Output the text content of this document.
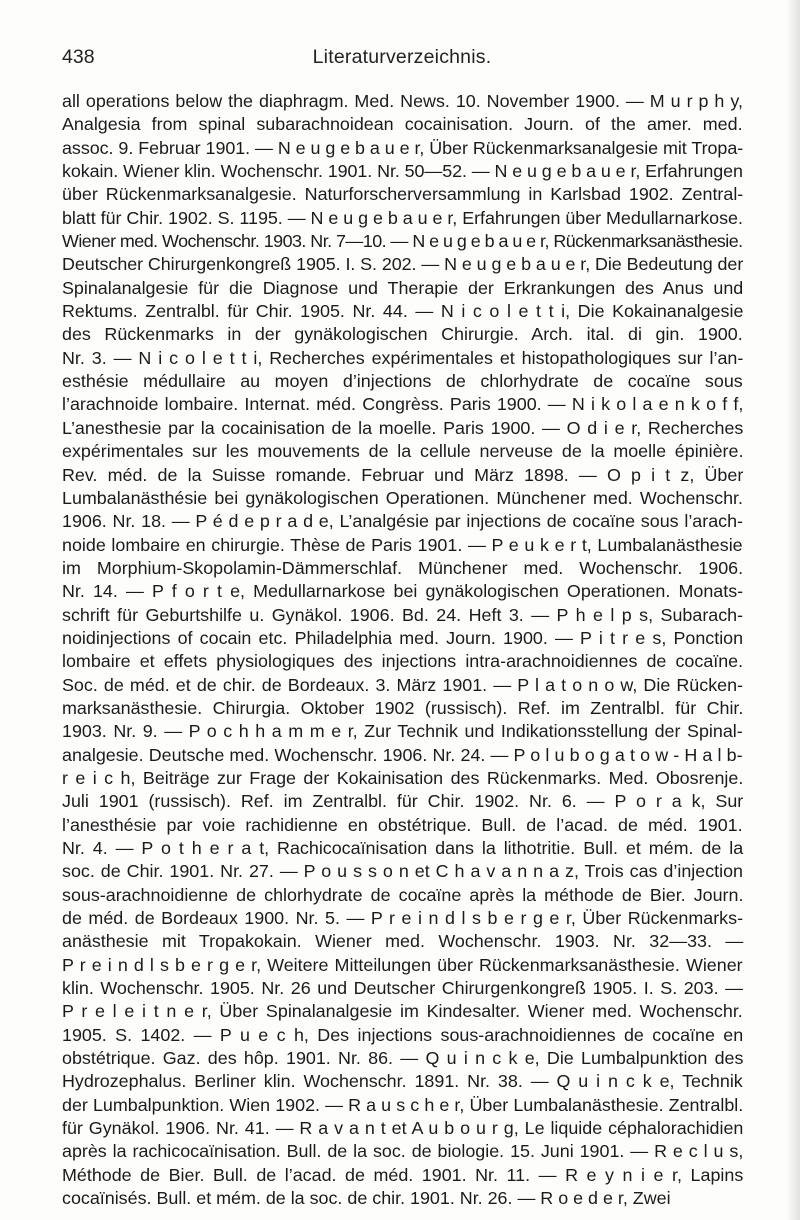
438	Literaturverzeichnis.
all operations below the diaphragm. Med. News. 10. November 1900. — M u r p h y,
Analgesia from spinal subarachnoidean cocainisation. Journ. of the amer. med.
assoc. 9. Februar 1901. — N e u g e b a u e r, Über Rückenmarksanalgesie mit Tropa-
kokain. Wiener klin. Wochenschr. 1901. Nr. 50—52. — N e u g e b a u e r, Erfahrungen
über Rückenmarksanalgesie. Naturforscherversammlung in Karlsbad 1902. Zentral-
blatt für Chir. 1902. S. 1195. — N e u g e b a u e r, Erfahrungen über Medullarnarkose.
Wiener med. Wochenschr. 1903. Nr. 7—10. — N e u g e b a u e r, Rückenmarksanästhesie.
Deutscher Chirurgenkongreß 1905. I. S. 202. — N e u g e b a u e r, Die Bedeutung der
Spinalanalgesie für die Diagnose und Therapie der Erkrankungen des Anus und
Rektums. Zentralbl. für Chir. 1905. Nr. 44. — N i c o l e t t i, Die Kokainanalgesie
des Rückenmarks in der gynäkologischen Chirurgie. Arch. ital. di gin. 1900.
Nr. 3. — N i c o l e t t i, Recherches expérimentales et histopathologiques sur l’an-
esthésie médullaire au moyen d’injections de chlorhydrate de cocaïne sous
l’arachnoide lombaire. Internat. méd. Congrèss. Paris 1900. — N i k o l a e n k o f f,
L’anesthesie par la cocainisation de la moelle. Paris 1900. — O d i e r, Recherches
expérimentales sur les mouvements de la cellule nerveuse de la moelle épinière.
Rev. méd. de la Suisse romande. Februar und März 1898. — O p i t z, Über
Lumbalanästhésie bei gynäkologischen Operationen. Münchener med. Wochenschr.
1906. Nr. 18. — P é d e p r a d e, L’analgésie par injections de cocaïne sous l’arach-
noide lombaire en chirurgie. Thèse de Paris 1901. — P e u k e r t, Lumbalanästhesie
im Morphium-Skopolamin-Dämmerschlaf. Münchener med. Wochenschr. 1906.
Nr. 14. — P f o r t e, Medullarnarkose bei gynäkologischen Operationen. Monats-
schrift für Geburtshilfe u. Gynäkol. 1906. Bd. 24. Heft 3. — P h e l p s, Subarach-
noidinjections of cocain etc. Philadelphia med. Journ. 1900. — P i t r e s, Ponction
lombaire et effets physiologiques des injections intra-arachnoidiennes de cocaïne.
Soc. de méd. et de chir. de Bordeaux. 3. März 1901. — P l a t o n o w, Die Rücken-
marksanästhesie. Chirurgia. Oktober 1902 (russisch). Ref. im Zentralbl. für Chir.
1903. Nr. 9. — P o c h h a m m e r, Zur Technik und Indikationsstellung der Spinal-
analgesie. Deutsche med. Wochenschr. 1906. Nr. 24. — P o l u b o g a t o w - H a l b-
r e i c h, Beiträge zur Frage der Kokainisation des Rückenmarks. Med. Obosrenje.
Juli 1901 (russisch). Ref. im Zentralbl. für Chir. 1902. Nr. 6. — P o r a k, Sur
l’anesthésie par voie rachidienne en obstétrique. Bull. de l’acad. de méd. 1901.
Nr. 4. — P o t h e r a t, Rachicocaïnisation dans la lithotritie. Bull. et mém. de la
soc. de Chir. 1901. Nr. 27. — P o u s s o n et C h a v a n n a z, Trois cas d’injection
sous-arachnoidienne de chlorhydrate de cocaïne après la méthode de Bier. Journ.
de méd. de Bordeaux 1900. Nr. 5. — P r e i n d l s b e r g e r, Über Rückenmarks-
anästhesie mit Tropakokain. Wiener med. Wochenschr. 1903. Nr. 32—33. —
P r e i n d l s b e r g e r, Weitere Mitteilungen über Rückenmarksanästhesie. Wiener
klin. Wochenschr. 1905. Nr. 26 und Deutscher Chirurgenkongreß 1905. I. S. 203. —
P r e l e i t n e r, Über Spinalanalgesie im Kindesalter. Wiener med. Wochenschr.
1905. S. 1402. — P u e c h, Des injections sous-arachnoidiennes de cocaïne en
obstétrique. Gaz. des hôp. 1901. Nr. 86. — Q u i n c k e, Die Lumbalpunktion des
Hydrozephalus. Berliner klin. Wochenschr. 1891. Nr. 38. — Q u i n c k e, Technik
der Lumbalpunktion. Wien 1902. — R a u s c h e r, Über Lumbalanästhesie. Zentralbl.
für Gynäkol. 1906. Nr. 41. — R a v a n t et A u b o u r g, Le liquide céphalorachidien
après la rachicocaïnisation. Bull. de la soc. de biologie. 15. Juni 1901. — R e c l u s,
Méthode de Bier. Bull. de l’acad. de méd. 1901. Nr. 11. — R e y n i e r, Lapins
cocaïnisés. Bull. et mém. de la soc. de chir. 1901. Nr. 26. — R o e d e r, Zwei
